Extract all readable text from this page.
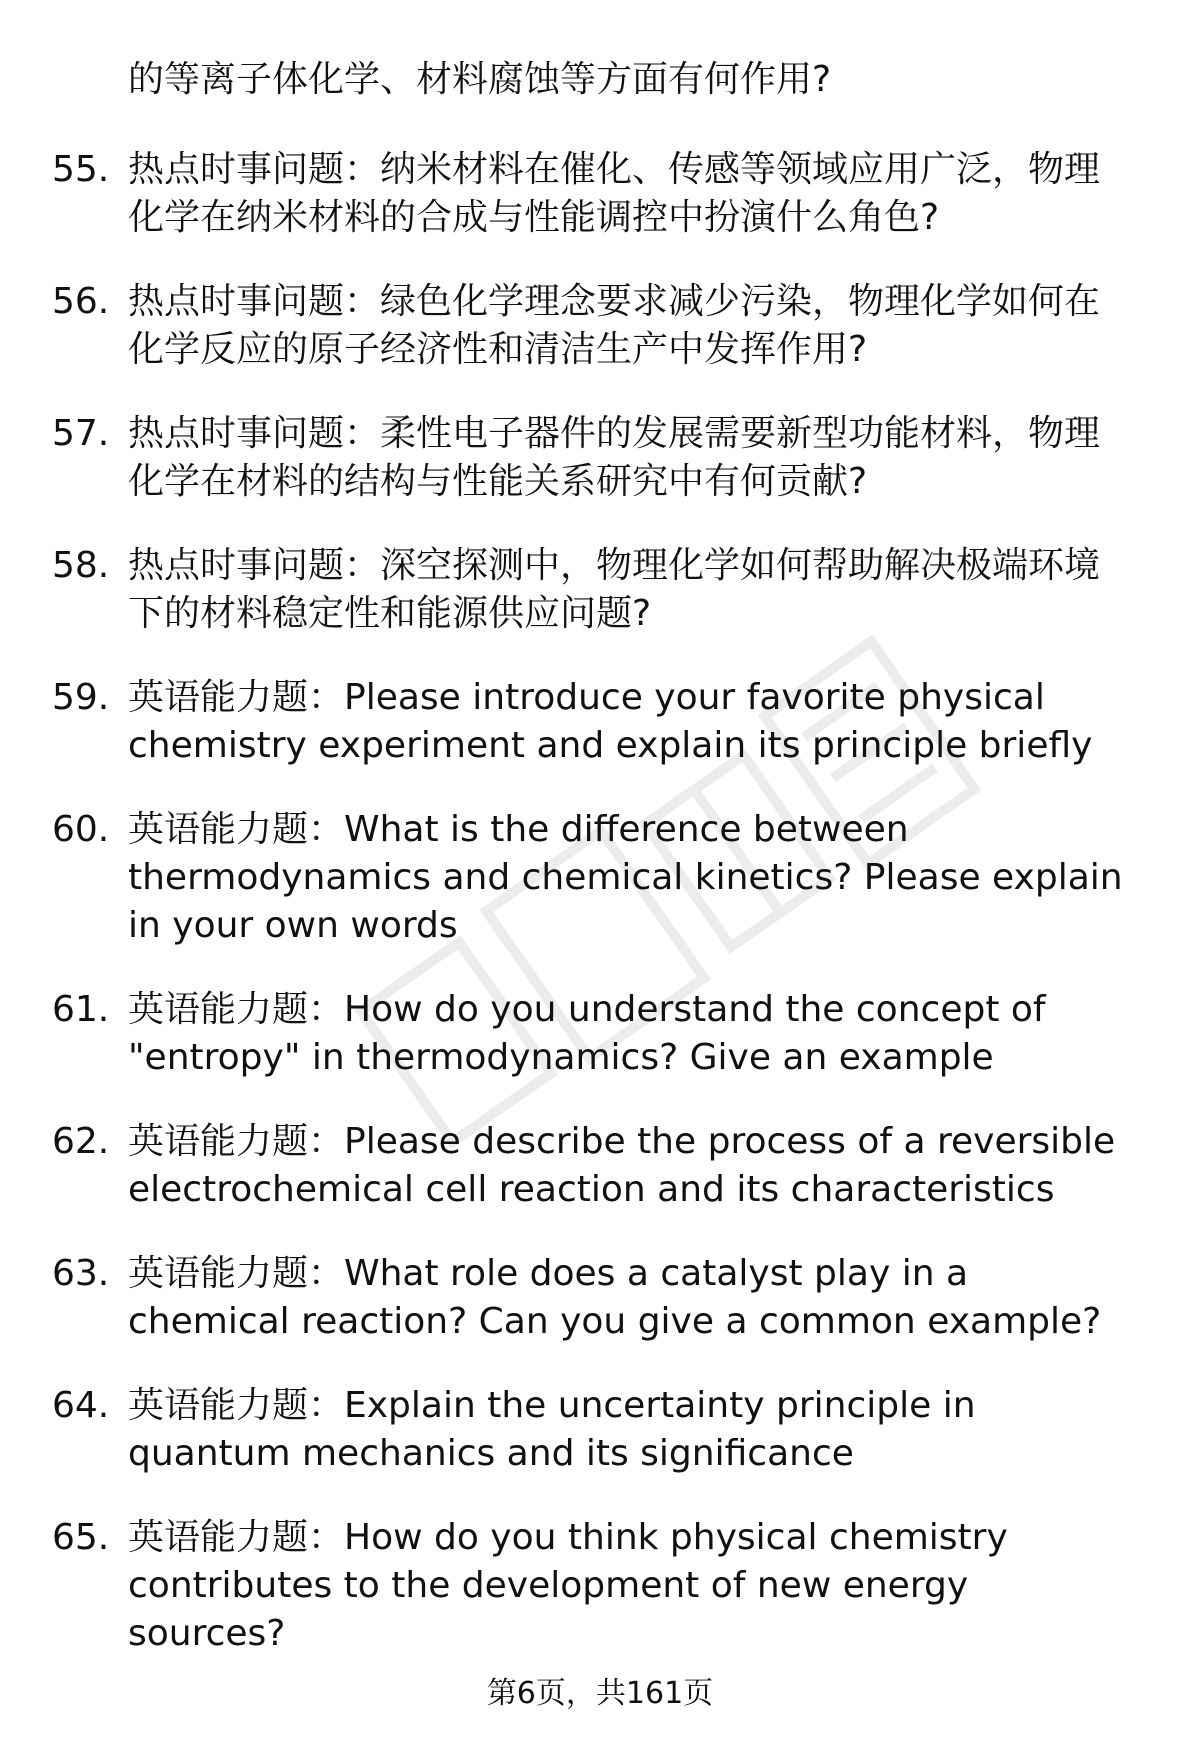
的等离子体化学、材料腐蚀等方面有何作用?

55. 热点时事问题：纳米材料在催化、传感等领域应用广泛，物理化学在纳米材料的合成与性能调控中扮演什么角色?
56. 热点时事问题：绿色化学理念要求减少污染，物理化学如何在化学反应的原子经济性和清洁生产中发挥作用?
57. 热点时事问题：柔性电子器件的发展需要新型功能材料，物理化学在材料的结构与性能关系研究中有何贡献?
58. 热点时事问题：深空探测中，物理化学如何帮助解决极端环境下的材料稳定性和能源供应问题?
59. 英语能力题：Please introduce your favorite physical chemistry experiment and explain its principle briefly
60. 英语能力题：What is the difference between thermodynamics and chemical kinetics? Please explain in your own words
61. 英语能力题：How do you understand the concept of "entropy" in thermodynamics? Give an example
62. 英语能力题：Please describe the process of a reversible electrochemical cell reaction and its characteristics
63. 英语能力题：What role does a catalyst play in a chemical reaction? Can you give a common example?
64. 英语能力题：Explain the uncertainty principle in quantum mechanics and its significance
65. 英语能力题：How do you think physical chemistry contributes to the development of new energy sources?
第6页，共161页
